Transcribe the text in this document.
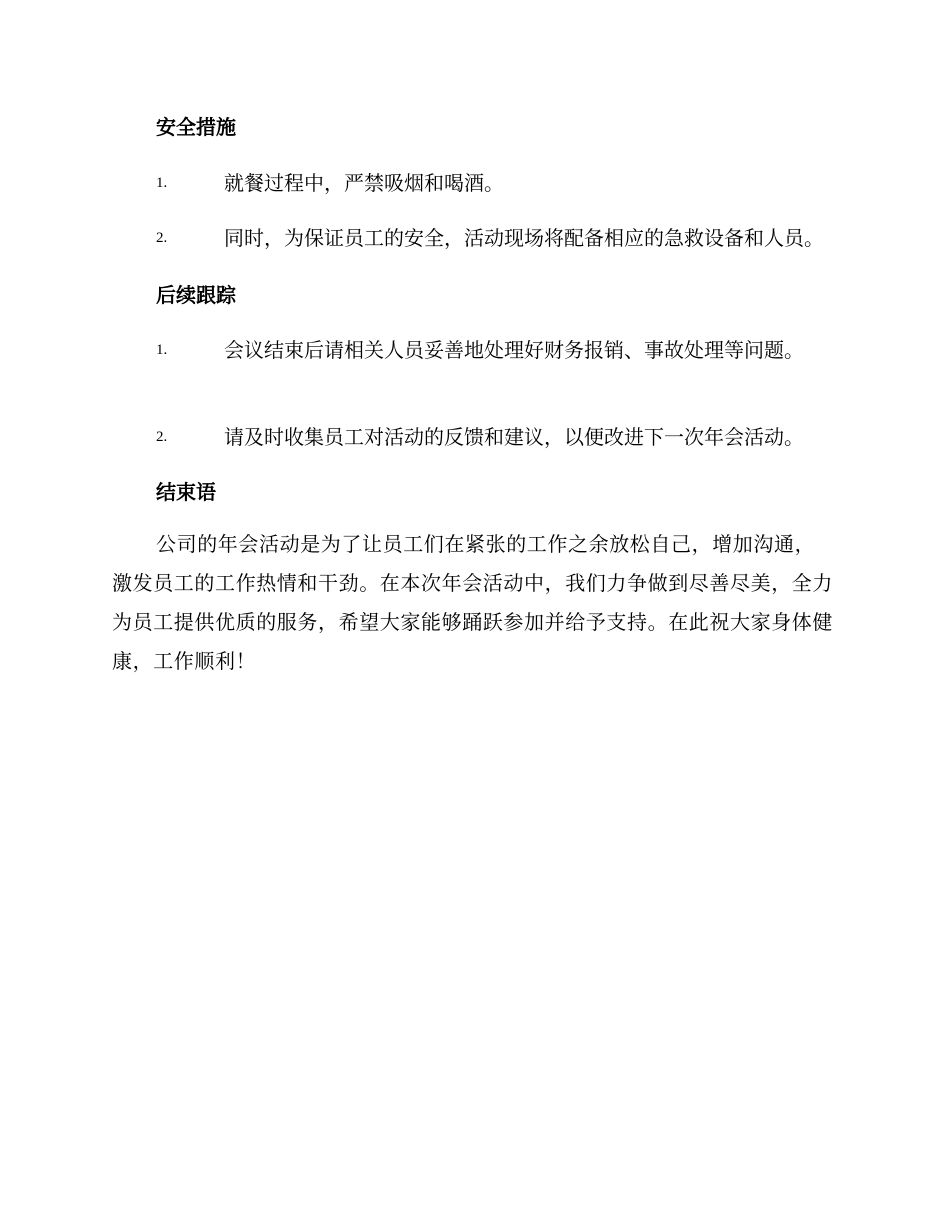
安全措施

1.	就餐过程中，严禁吸烟和喝酒。

2.	同时，为保证员工的安全，活动现场将配备相应的急救设备和人员。

后续跟踪

1.	会议结束后请相关人员妥善地处理好财务报销、事故处理等问题。

2.	请及时收集员工对活动的反馈和建议，以便改进下一次年会活动。

结束语

公司的年会活动是为了让员工们在紧张的工作之余放松自己，增加沟通，激发员工的工作热情和干劲。在本次年会活动中，我们力争做到尽善尽美，全力为员工提供优质的服务，希望大家能够踊跃参加并给予支持。在此祝大家身体健康，工作顺利！
